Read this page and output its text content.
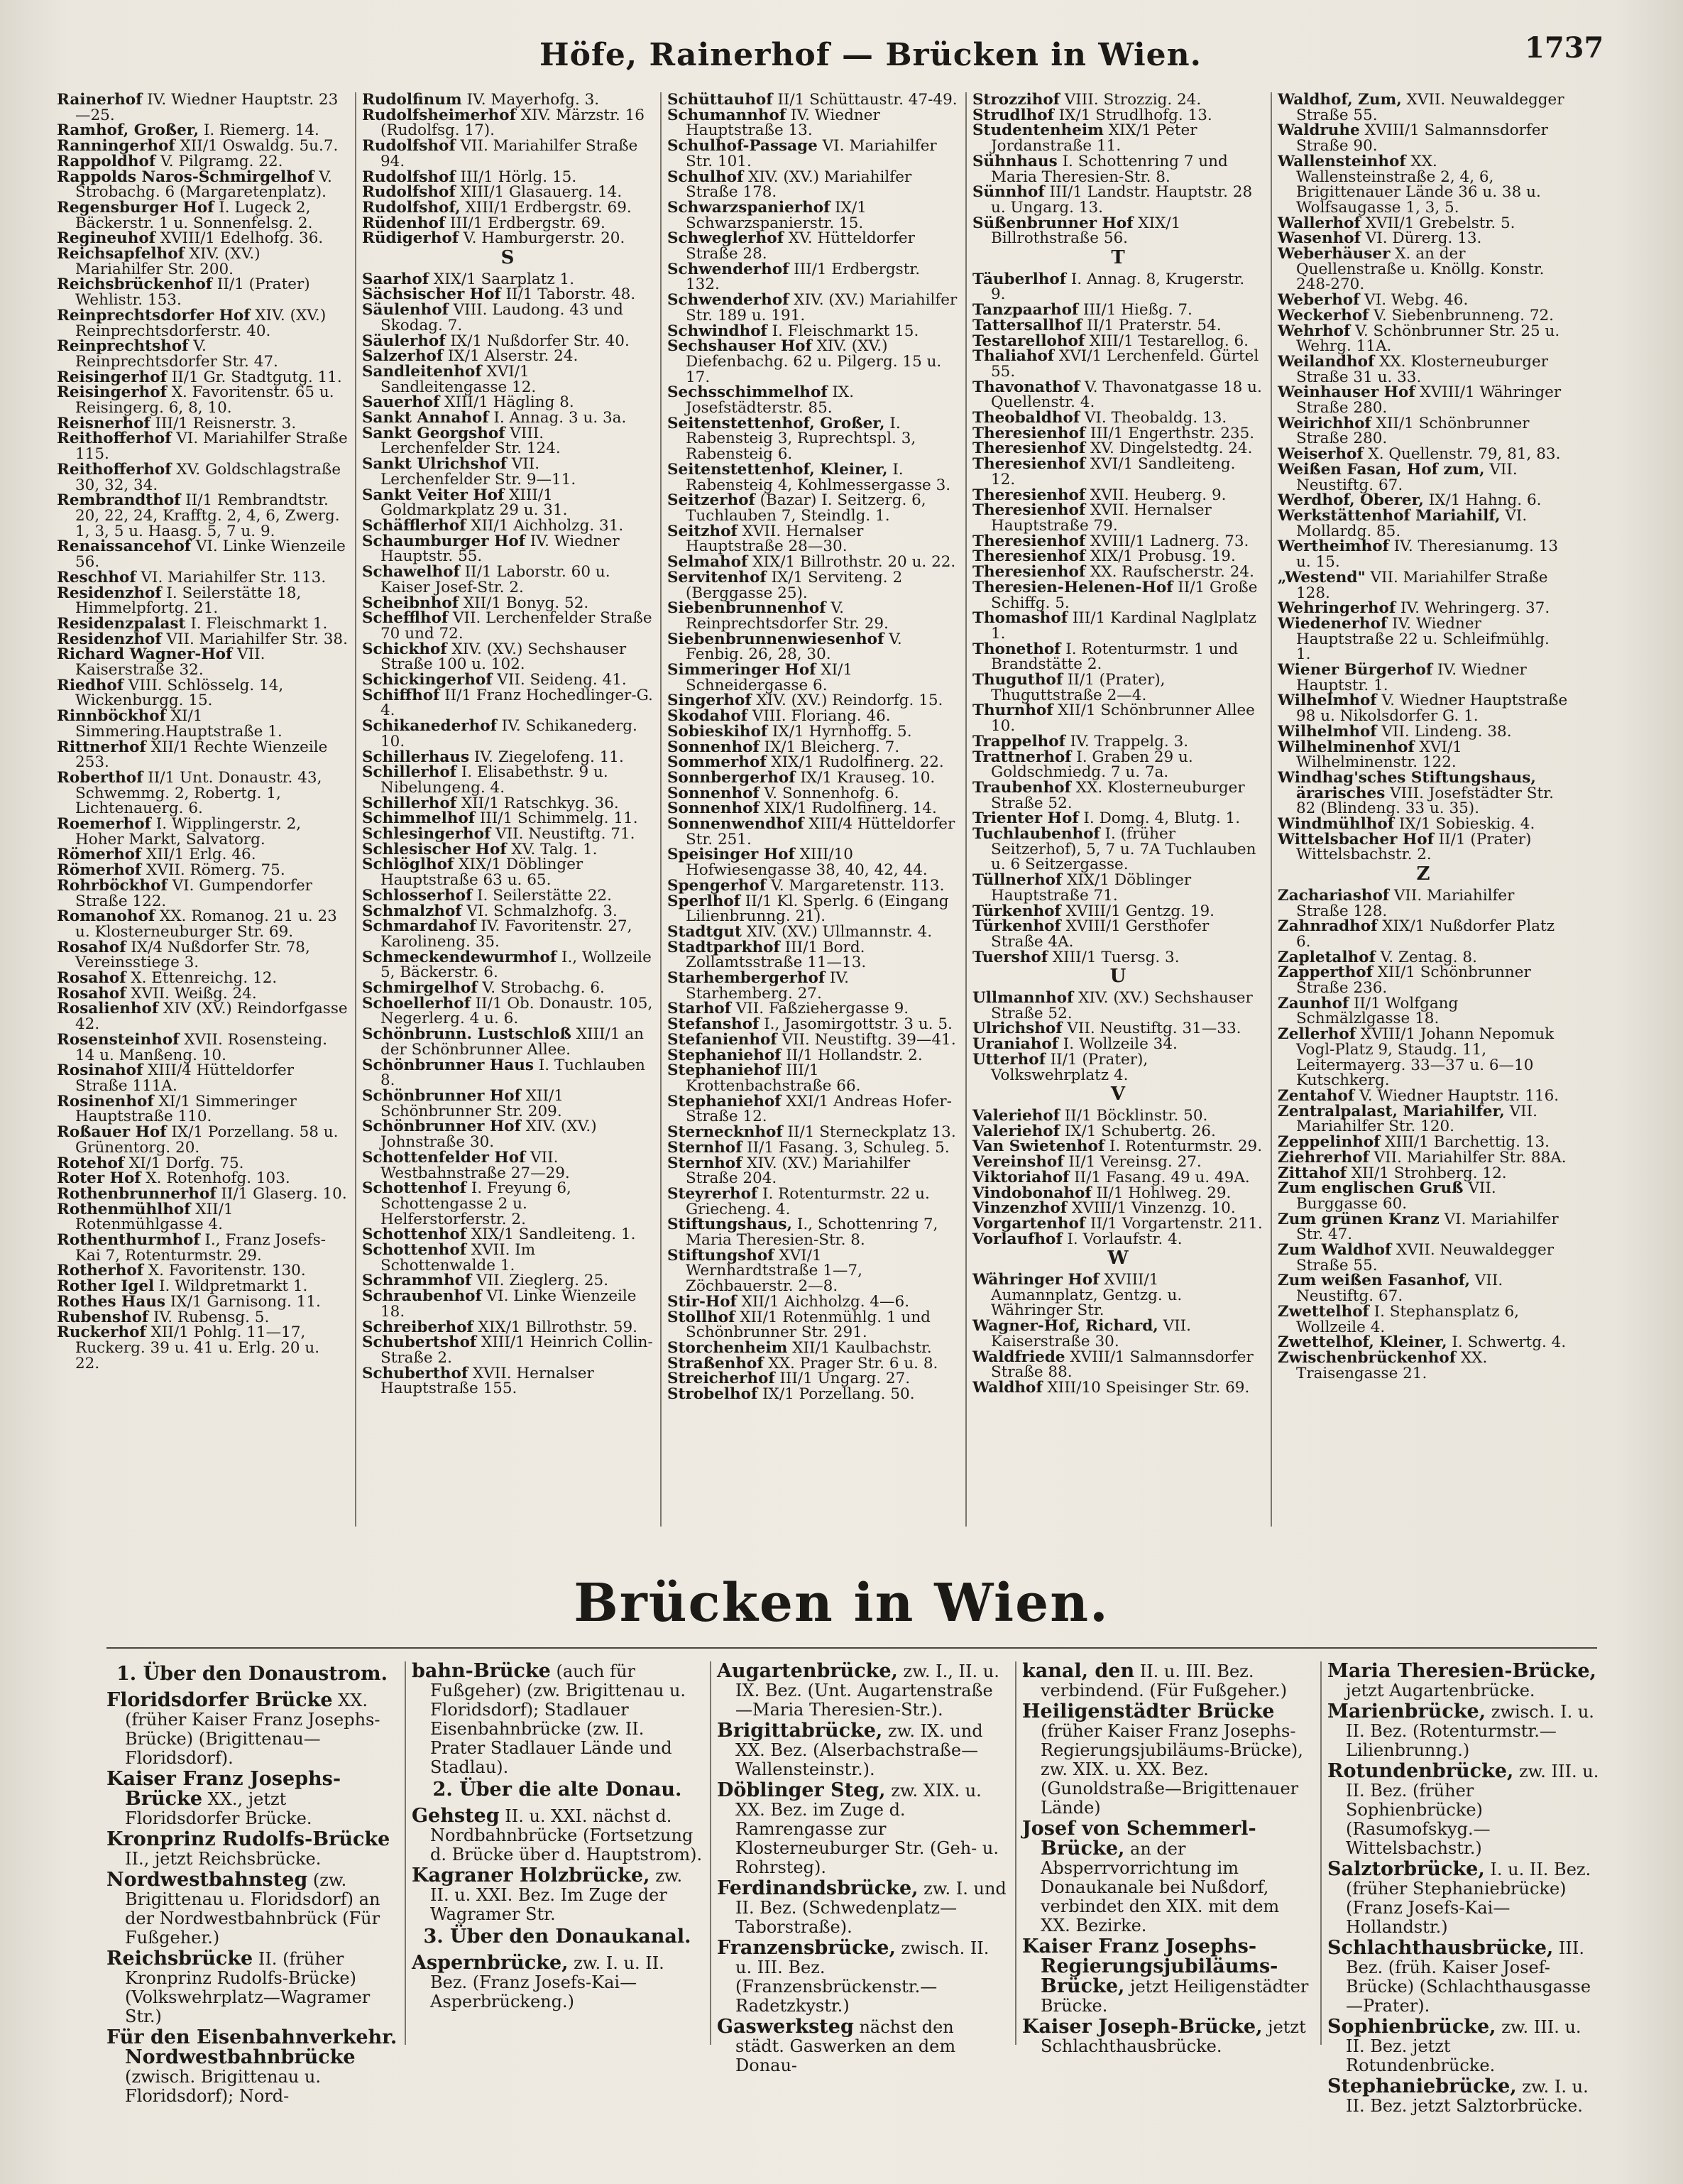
Höfe, Rainerhof — Brücken in Wien.	1737

Rainerhof IV. Wiedner Hauptstr. 23—25.

Ramhof, Großer, I. Riemerg. 14.

Ranningerhof XII/1 Oswaldg. 5u.7.

Rappoldhof V. Pilgramg. 22.

Rappolds Naros-Schmirgelhof V. Strobachg. 6 (Margaretenplatz).

Regensburger Hof I. Lugeck 2, Bäckerstr. 1 u. Sonnenfelsg. 2.

Regineuhof XVIII/1 Edelhofg. 36.

Reichsapfelhof XIV. (XV.) Mariahilfer Str. 200.

Reichsbrückenhof II/1 (Prater) Wehlistr. 153.

Reinprechtsdorfer Hof XIV. (XV.) Reinprechtsdorferstr. 40.

Reinprechtshof V. Reinprechtsdorfer Str. 47.

Reisingerhof II/1 Gr. Stadtgutg. 11.

Reisingerhof X. Favoritenstr. 65 u. Reisingerg. 6, 8, 10.

Reisnerhof III/1 Reisnerstr. 3.

Reithofferhof VI. Mariahilfer Straße 115.

Reithofferhof XV. Goldschlagstraße 30, 32, 34.

Rembrandthof II/1 Rembrandtstr. 20, 22, 24, Krafftg. 2, 4, 6, Zwerg. 1, 3, 5 u. Haasg. 5, 7 u. 9.

Renaissancehof VI. Linke Wienzeile 56.

Reschhof VI. Mariahilfer Str. 113.

Residenzhof I. Seilerstätte 18, Himmelpfortg. 21.

Residenzpalast I. Fleischmarkt 1.

Residenzhof VII. Mariahilfer Str. 38.

Richard Wagner-Hof VII. Kaiserstraße 32.

Riedhof VIII. Schlösselg. 14, Wickenburgg. 15.

Rinnböckhof XI/1 Simmering.Hauptstraße 1.

Rittnerhof XII/1 Rechte Wienzeile 253.

Roberthof II/1 Unt. Donaustr. 43, Schwemmg. 2, Robertg. 1, Lichtenauerg. 6.

Roemerhof I. Wipplingerstr. 2, Hoher Markt, Salvatorg.

Römerhof XII/1 Erlg. 46.

Römerhof XVII. Römerg. 75.

Rohrböckhof VI. Gumpendorfer Straße 122.

Romanohof XX. Romanog. 21 u. 23 u. Klosterneuburger Str. 69.

Rosahof IX/4 Nußdorfer Str. 78, Vereinsstiege 3.

Rosahof X. Ettenreichg. 12.

Rosahof XVII. Weißg. 24.

Rosalienhof XIV (XV.) Reindorfgasse 42.

Rosensteinhof XVII. Rosensteing. 14 u. Manßeng. 10.

Rosinahof XIII/4 Hütteldorfer Straße 111A.

Rosinenhof XI/1 Simmeringer Hauptstraße 110.

Roßauer Hof IX/1 Porzellang. 58 u. Grünentorg. 20.

Rotehof XI/1 Dorfg. 75.

Roter Hof X. Rotenhofg. 103.

Rothenbrunnerhof II/1 Glaserg. 10.

Rothenmühlhof XII/1 Rotenmühlgasse 4.

Rothenthurmhof I., Franz Josefs-Kai 7, Rotenturmstr. 29.

Rotherhof X. Favoritenstr. 130.

Rother Igel I. Wildpretmarkt 1.

Rothes Haus IX/1 Garnisong. 11.

Rubenshof IV. Rubensg. 5.

Ruckerhof XII/1 Pohlg. 11—17, Ruckerg. 39 u. 41 u. Erlg. 20 u. 22.

Rudolfinum IV. Mayerhofg. 3.

Rudolfsheimerhof XIV. Märzstr. 16 (Rudolfsg. 17).

Rudolfshof VII. Mariahilfer Straße 94.

Rudolfshof III/1 Hörlg. 15.

Rudolfshof XIII/1 Glasauerg. 14.

Rudolfshof, XIII/1 Erdbergstr. 69.

Rüdenhof III/1 Erdbergstr. 69.

Rüdigerhof V. Hamburgerstr. 20.

S

Saarhof XIX/1 Saarplatz 1.

Sächsischer Hof II/1 Taborstr. 48.

Säulenhof VIII. Laudong. 43 und Skodag. 7.

Säulerhof IX/1 Nußdorfer Str. 40.

Salzerhof IX/1 Alserstr. 24.

Sandleitenhof XVI/1 Sandleitengasse 12.

Sauerhof XIII/1 Hägling 8.

Sankt Annahof I. Annag. 3 u. 3a.

Sankt Georgshof VIII. Lerchenfelder Str. 124.

Sankt Ulrichshof VII. Lerchenfelder Str. 9—11.

Sankt Veiter Hof XIII/1 Goldmarkplatz 29 u. 31.

Schäfflerhof XII/1 Aichholzg. 31.

Schaumburger Hof IV. Wiedner Hauptstr. 55.

Schawelhof II/1 Laborstr. 60 u. Kaiser Josef-Str. 2.

Scheibnhof XII/1 Bonyg. 52.

Schefflhof VII. Lerchenfelder Straße 70 und 72.

Schickhof XIV. (XV.) Sechshauser Straße 100 u. 102.

Schickingerhof VII. Seideng. 41.

Schiffhof II/1 Franz Hochedlinger-G. 4.

Schikanederhof IV. Schikanederg. 10.

Schillerhaus IV. Ziegelofeng. 11.

Schillerhof I. Elisabethstr. 9 u. Nibelungeng. 4.

Schillerhof XII/1 Ratschkyg. 36.

Schimmelhof III/1 Schimmelg. 11.

Schlesingerhof VII. Neustiftg. 71.

Schlesischer Hof XV. Talg. 1.

Schlöglhof XIX/1 Döblinger Hauptstraße 63 u. 65.

Schlosserhof I. Seilerstätte 22.

Schmalzhof VI. Schmalzhofg. 3.

Schmardahof IV. Favoritenstr. 27, Karolineng. 35.

Schmeckendewurmhof I., Wollzeile 5, Bäckerstr. 6.

Schmirgelhof V. Strobachg. 6.

Schoellerhof II/1 Ob. Donaustr. 105, Negerlerg. 4 u. 6.

Schönbrunn. Lustschloß XIII/1 an der Schönbrunner Allee.

Schönbrunner Haus I. Tuchlauben 8.

Schönbrunner Hof XII/1 Schönbrunner Str. 209.

Schönbrunner Hof XIV. (XV.) Johnstraße 30.

Schottenfelder Hof VII. Westbahnstraße 27—29.

Schottenhof I. Freyung 6, Schottengasse 2 u. Helferstorferstr. 2.

Schottenhof XIX/1 Sandleiteng. 1.

Schottenhof XVII. Im Schottenwalde 1.

Schrammhof VII. Zieglerg. 25.

Schraubenhof VI. Linke Wienzeile 18.

Schreiberhof XIX/1 Billrothstr. 59.

Schubertshof XIII/1 Heinrich Collin-Straße 2.

Schuberthof XVII. Hernalser Hauptstraße 155.

Schüttauhof II/1 Schüttaustr. 47-49.

Schumannhof IV. Wiedner Hauptstraße 13.

Schulhof-Passage VI. Mariahilfer Str. 101.

Schulhof XIV. (XV.) Mariahilfer Straße 178.

Schwarzspanierhof IX/1 Schwarzspanierstr. 15.

Schweglerhof XV. Hütteldorfer Straße 28.

Schwenderhof III/1 Erdbergstr. 132.

Schwenderhof XIV. (XV.) Mariahilfer Str. 189 u. 191.

Schwindhof I. Fleischmarkt 15.

Sechshauser Hof XIV. (XV.) Diefenbachg. 62 u. Pilgerg. 15 u. 17.

Sechsschimmelhof IX. Josefstädterstr. 85.

Seitenstettenhof, Großer, I. Rabensteig 3, Ruprechtspl. 3, Rabensteig 6.

Seitenstettenhof, Kleiner, I. Rabensteig 4, Kohlmessergasse 3.

Seitzerhof (Bazar) I. Seitzerg. 6, Tuchlauben 7, Steindlg. 1.

Seitzhof XVII. Hernalser Hauptstraße 28—30.

Selmahof XIX/1 Billrothstr. 20 u. 22.

Servitenhof IX/1 Serviteng. 2 (Berggasse 25).

Siebenbrunnenhof V. Reinprechtsdorfer Str. 29.

Siebenbrunnenwiesenhof V. Fenbig. 26, 28, 30.

Simmeringer Hof XI/1 Schneidergasse 6.

Singerhof XIV. (XV.) Reindorfg. 15.

Skodahof VIII. Floriang. 46.

Sobieskihof IX/1 Hyrnhoffg. 5.

Sonnenhof IX/1 Bleicherg. 7.

Sommerhof XIX/1 Rudolfinerg. 22.

Sonnbergerhof IX/1 Krauseg. 10.

Sonnenhof V. Sonnenhofg. 6.

Sonnenhof XIX/1 Rudolfinerg. 14.

Sonnenwendhof XIII/4 Hütteldorfer Str. 251.

Speisinger Hof XIII/10 Hofwiesengasse 38, 40, 42, 44.

Spengerhof V. Margaretenstr. 113.

Sperlhof II/1 Kl. Sperlg. 6 (Eingang Lilienbrunng. 21).

Stadtgut XIV. (XV.) Ullmannstr. 4.

Stadtparkhof III/1 Bord. Zollamtsstraße 11—13.

Starhembergerhof IV. Starhemberg. 27.

Starhof VII. Faßziehergasse 9.

Stefanshof I., Jasomirgottstr. 3 u. 5.

Stefanienhof VII. Neustiftg. 39—41.

Stephaniehof II/1 Hollandstr. 2.

Stephaniehof III/1 Krottenbachstraße 66.

Stephaniehof XXI/1 Andreas Hofer-Straße 12.

Sternecknhof II/1 Sterneckplatz 13.

Sternhof II/1 Fasang. 3, Schuleg. 5.

Sternhof XIV. (XV.) Mariahilfer Straße 204.

Steyrerhof I. Rotenturmstr. 22 u. Griecheng. 4.

Stiftungshaus, I., Schottenring 7, Maria Theresien-Str. 8.

Stiftungshof XVI/1 Wernhardtstraße 1—7, Zöchbauerstr. 2—8.

Stir-Hof XII/1 Aichholzg. 4—6.

Stollhof XII/1 Rotenmühlg. 1 und Schönbrunner Str. 291.

Storchenheim XII/1 Kaulbachstr.

Straßenhof XX. Prager Str. 6 u. 8.

Streicherhof III/1 Ungarg. 27.

Strobelhof IX/1 Porzellang. 50.

Strozzihof VIII. Strozzig. 24.

Strudlhof IX/1 Strudlhofg. 13.

Studentenheim XIX/1 Peter Jordanstraße 11.

Sühnhaus I. Schottenring 7 und Maria Theresien-Str. 8.

Sünnhof III/1 Landstr. Hauptstr. 28 u. Ungarg. 13.

Süßenbrunner Hof XIX/1 Billrothstraße 56.

T

Täuberlhof I. Annag. 8, Krugerstr. 9.

Tanzpaarhof III/1 Hießg. 7.

Tattersallhof II/1 Praterstr. 54.

Testarellohof XIII/1 Testarellog. 6.

Thaliahof XVI/1 Lerchenfeld. Gürtel 55.

Thavonathof V. Thavonatgasse 18 u. Quellenstr. 4.

Theobaldhof VI. Theobaldg. 13.

Theresienhof III/1 Engerthstr. 235.

Theresienhof XV. Dingelstedtg. 24.

Theresienhof XVI/1 Sandleiteng. 12.

Theresienhof XVII. Heuberg. 9.

Theresienhof XVII. Hernalser Hauptstraße 79.

Theresienhof XVIII/1 Ladnerg. 73.

Theresienhof XIX/1 Probusg. 19.

Theresienhof XX. Raufscherstr. 24.

Theresien-Helenen-Hof II/1 Große Schiffg. 5.

Thomashof III/1 Kardinal Naglplatz 1.

Thonethof I. Rotenturmstr. 1 und Brandstätte 2.

Thuguthof II/1 (Prater), Thuguttstraße 2—4.

Thurnhof XII/1 Schönbrunner Allee 10.

Trappelhof IV. Trappelg. 3.

Trattnerhof I. Graben 29 u. Goldschmiedg. 7 u. 7a.

Traubenhof XX. Klosterneuburger Straße 52.

Trienter Hof I. Domg. 4, Blutg. 1.

Tuchlaubenhof I. (früher Seitzerhof), 5, 7 u. 7A Tuchlauben u. 6 Seitzergasse.

Tüllnerhof XIX/1 Döblinger Hauptstraße 71.

Türkenhof XVIII/1 Gentzg. 19.

Türkenhof XVIII/1 Gersthofer Straße 4A.

Tuershof XIII/1 Tuersg. 3.

U

Ullmannhof XIV. (XV.) Sechshauser Straße 52.

Ulrichshof VII. Neustiftg. 31—33.

Uraniahof I. Wollzeile 34.

Utterhof II/1 (Prater), Volkswehrplatz 4.

V

Valeriehof II/1 Böcklinstr. 50.

Valeriehof IX/1 Schubertg. 26.

Van Swietenhof I. Rotenturmstr. 29.

Vereinshof II/1 Vereinsg. 27.

Viktoriahof II/1 Fasang. 49 u. 49A.

Vindobonahof II/1 Hohlweg. 29.

Vinzenzhof XVIII/1 Vinzenzg. 10.

Vorgartenhof II/1 Vorgartenstr. 211.

Vorlaufhof I. Vorlaufstr. 4.

W

Währinger Hof XVIII/1 Aumannplatz, Gentzg. u. Währinger Str.

Wagner-Hof, Richard, VII. Kaiserstraße 30.

Waldfriede XVIII/1 Salmannsdorfer Straße 88.

Waldhof XIII/10 Speisinger Str. 69.

Waldhof, Zum, XVII. Neuwaldegger Straße 55.

Waldruhe XVIII/1 Salmannsdorfer Straße 90.

Wallensteinhof XX. Wallensteinstraße 2, 4, 6, Brigittenauer Lände 36 u. 38 u. Wolfsaugasse 1, 3, 5.

Wallerhof XVII/1 Grebelstr. 5.

Wasenhof VI. Dürerg. 13.

Weberhäuser X. an der Quellenstraße u. Knöllg. Konstr. 248-270.

Weberhof VI. Webg. 46.

Weckerhof V. Siebenbrunneng. 72.

Wehrhof V. Schönbrunner Str. 25 u. Wehrg. 11A.

Weilandhof XX. Klosterneuburger Straße 31 u. 33.

Weinhauser Hof XVIII/1 Währinger Straße 280.

Weirichhof XII/1 Schönbrunner Straße 280.

Weiserhof X. Quellenstr. 79, 81, 83.

Weißen Fasan, Hof zum, VII. Neustiftg. 67.

Werdhof, Oberer, IX/1 Hahng. 6.

Werkstättenhof Mariahilf, VI. Mollardg. 85.

Wertheimhof IV. Theresianumg. 13 u. 15.

„Westend" VII. Mariahilfer Straße 128.

Wehringerhof IV. Wehringerg. 37.

Wiedenerhof IV. Wiedner Hauptstraße 22 u. Schleifmühlg. 1.

Wiener Bürgerhof IV. Wiedner Hauptstr. 1.

Wilhelmhof V. Wiedner Hauptstraße 98 u. Nikolsdorfer G. 1.

Wilhelmhof VII. Lindeng. 38.

Wilhelminenhof XVI/1 Wilhelminenstr. 122.

Windhag'sches Stiftungshaus, ärarisches VIII. Josefstädter Str. 82 (Blindeng. 33 u. 35).

Windmühlhof IX/1 Sobieskig. 4.

Wittelsbacher Hof II/1 (Prater) Wittelsbachstr. 2.

Z

Zachariashof VII. Mariahilfer Straße 128.

Zahnradhof XIX/1 Nußdorfer Platz 6.

Zapletalhof V. Zentag. 8.

Zapperthof XII/1 Schönbrunner Straße 236.

Zaunhof II/1 Wolfgang Schmälzlgasse 18.

Zellerhof XVIII/1 Johann Nepomuk Vogl-Platz 9, Staudg. 11, Leitermayerg. 33—37 u. 6—10 Kutschkerg.

Zentahof V. Wiedner Hauptstr. 116.

Zentralpalast, Mariahilfer, VII. Mariahilfer Str. 120.

Zeppelinhof XIII/1 Barchettig. 13.

Ziehrerhof VII. Mariahilfer Str. 88A.

Zittahof XII/1 Strohberg. 12.

Zum englischen Gruß VII. Burggasse 60.

Zum grünen Kranz VI. Mariahilfer Str. 47.

Zum Waldhof XVII. Neuwaldegger Straße 55.

Zum weißen Fasanhof, VII. Neustiftg. 67.

Zwettelhof I. Stephansplatz 6, Wollzeile 4.

Zwettelhof, Kleiner, I. Schwertg. 4.

Zwischenbrückenhof XX. Traisengasse 21.

Brücken in Wien.

1. Über den Donaustrom.

Floridsdorfer Brücke XX. (früher Kaiser Franz Josephs-Brücke) (Brigittenau—Floridsdorf).

Kaiser Franz Josephs-Brücke XX., jetzt Floridsdorfer Brücke.

Kronprinz Rudolfs-Brücke II., jetzt Reichsbrücke.

Nordwestbahnsteg (zw. Brigittenau u. Floridsdorf) an der Nordwestbahnbrück (Für Fußgeher.)

Reichsbrücke II. (früher Kronprinz Rudolfs-Brücke) (Volkswehrplatz—Wagramer Str.)

Für den Eisenbahnverkehr. Nordwestbahnbrücke (zwisch. Brigittenau u. Floridsdorf); Nord-

bahn-Brücke (auch für Fußgeher) (zw. Brigittenau u. Floridsdorf); Stadlauer Eisenbahnbrücke (zw. II. Prater Stadlauer Lände und Stadlau).

2. Über die alte Donau.

Gehsteg II. u. XXI. nächst d. Nordbahnbrücke (Fortsetzung d. Brücke über d. Hauptstrom).

Kagraner Holzbrücke, zw. II. u. XXI. Bez. Im Zuge der Wagramer Str.

3. Über den Donaukanal.

Aspernbrücke, zw. I. u. II. Bez. (Franz Josefs-Kai—Asperbrückeng.)

Augartenbrücke, zw. I., II. u. IX. Bez. (Unt. Augartenstraße—Maria Theresien-Str.).

Brigittabrücke, zw. IX. und XX. Bez. (Alserbachstraße—Wallensteinstr.).

Döblinger Steg, zw. XIX. u. XX. Bez. im Zuge d. Ramrengasse zur Klosterneuburger Str. (Geh- u. Rohrsteg).

Ferdinandsbrücke, zw. I. und II. Bez. (Schwedenplatz—Taborstraße).

Franzensbrücke, zwisch. II. u. III. Bez. (Franzensbrückenstr.—Radetzkystr.)

Gaswerksteg nächst den städt. Gaswerken an dem Donau-

kanal, den II. u. III. Bez. verbindend. (Für Fußgeher.)

Heiligenstädter Brücke (früher Kaiser Franz Josephs-Regierungsjubiläums-Brücke), zw. XIX. u. XX. Bez. (Gunoldstraße—Brigittenauer Lände)

Josef von Schemmerl-Brücke, an der Absperrvorrichtung im Donaukanale bei Nußdorf, verbindet den XIX. mit dem XX. Bezirke.

Kaiser Franz Josephs-Regierungsjubiläums-Brücke, jetzt Heiligenstädter Brücke.

Kaiser Joseph-Brücke, jetzt Schlachthausbrücke.

Maria Theresien-Brücke, jetzt Augartenbrücke.

Marienbrücke, zwisch. I. u. II. Bez. (Rotenturmstr.—Lilienbrunng.)

Rotundenbrücke, zw. III. u. II. Bez. (früher Sophienbrücke) (Rasumofskyg.—Wittelsbachstr.)

Salztorbrücke, I. u. II. Bez. (früher Stephaniebrücke) (Franz Josefs-Kai—Hollandstr.)

Schlachthausbrücke, III. Bez. (früh. Kaiser Josef-Brücke) (Schlachthausgasse—Prater).

Sophienbrücke, zw. III. u. II. Bez. jetzt Rotundenbrücke.

Stephaniebrücke, zw. I. u. II. Bez. jetzt Salztorbrücke.
